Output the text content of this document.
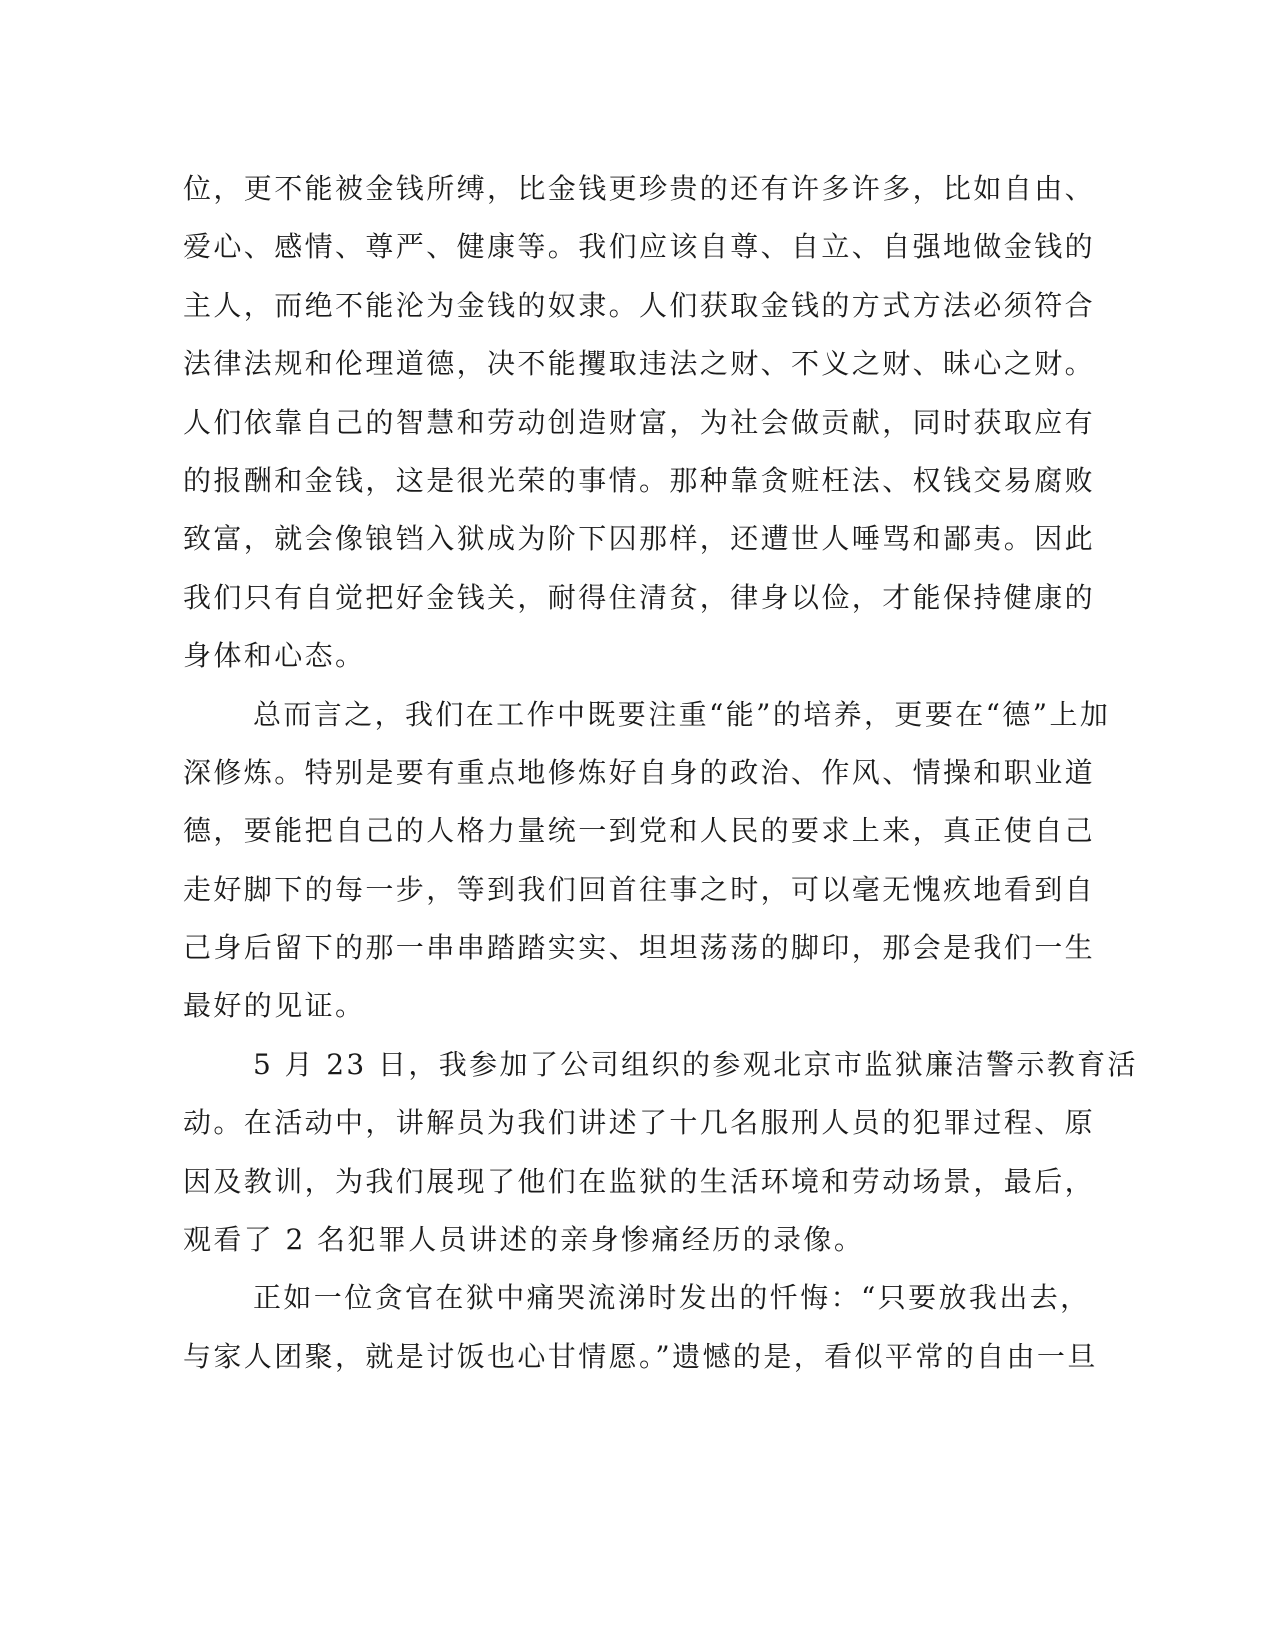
位，更不能被金钱所缚，比金钱更珍贵的还有许多许多，比如自由、
爱心、感情、尊严、健康等。我们应该自尊、自立、自强地做金钱的
主人，而绝不能沦为金钱的奴隶。人们获取金钱的方式方法必须符合
法律法规和伦理道德，决不能攫取违法之财、不义之财、昧心之财。
人们依靠自己的智慧和劳动创造财富，为社会做贡献，同时获取应有
的报酬和金钱，这是很光荣的事情。那种靠贪赃枉法、权钱交易腐败
致富，就会像锒铛入狱成为阶下囚那样，还遭世人唾骂和鄙夷。因此
我们只有自觉把好金钱关，耐得住清贫，律身以俭，才能保持健康的
身体和心态。
总而言之，我们在工作中既要注重“能”的培养，更要在“德”上加
深修炼。特别是要有重点地修炼好自身的政治、作风、情操和职业道
德，要能把自己的人格力量统一到党和人民的要求上来，真正使自己
走好脚下的每一步，等到我们回首往事之时，可以毫无愧疚地看到自
己身后留下的那一串串踏踏实实、坦坦荡荡的脚印，那会是我们一生
最好的见证。
5 月 23 日，我参加了公司组织的参观北京市监狱廉洁警示教育活
动。在活动中，讲解员为我们讲述了十几名服刑人员的犯罪过程、原
因及教训，为我们展现了他们在监狱的生活环境和劳动场景，最后，
观看了 2 名犯罪人员讲述的亲身惨痛经历的录像。
正如一位贪官在狱中痛哭流涕时发出的忏悔：“只要放我出去，
与家人团聚，就是讨饭也心甘情愿。”遗憾的是，看似平常的自由一旦
